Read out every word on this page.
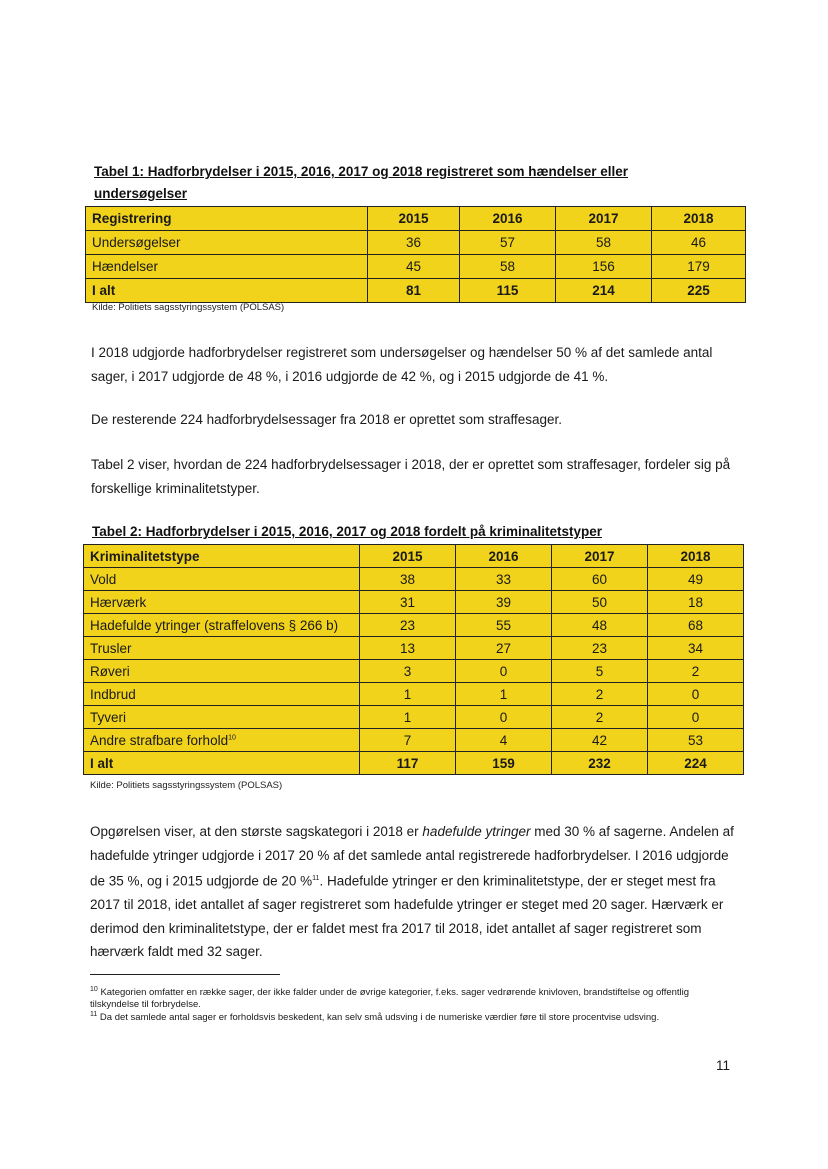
Tabel 1: Hadforbrydelser i 2015, 2016, 2017 og 2018 registreret som hændelser eller undersøgelser
Registrering	2015	2016	2017	2018
Undersøgelser	36	57	58	46
Hændelser	45	58	156	179
I alt	81	115	214	225
Kilde: Politiets sagsstyringssystem (POLSAS)
I 2018 udgjorde hadforbrydelser registreret som undersøgelser og hændelser 50 % af det samlede antal sager, i 2017 udgjorde de 48 %, i 2016 udgjorde de 42 %, og i 2015 udgjorde de 41 %.
De resterende 224 hadforbrydelsessager fra 2018 er oprettet som straffesager.
Tabel 2 viser, hvordan de 224 hadforbrydelsessager i 2018, der er oprettet som straffesager, fordeler sig på forskellige kriminalitetstyper.
Tabel 2: Hadforbrydelser i 2015, 2016, 2017 og 2018 fordelt på kriminalitetstyper
Kriminalitetstype	2015	2016	2017	2018
Vold	38	33	60	49
Hærværk	31	39	50	18
Hadefulde ytringer (straffelovens § 266 b)	23	55	48	68
Trusler	13	27	23	34
Røveri	3	0	5	2
Indbrud	1	1	2	0
Tyveri	1	0	2	0
Andre strafbare forhold$^{10}$	7	4	42	53
I alt	117	159	232	224
Kilde: Politiets sagsstyringssystem (POLSAS)
Opgørelsen viser, at den største sagskategori i 2018 er hadefulde ytringer med 30 % af sagerne. Andelen af hadefulde ytringer udgjorde i 2017 20 % af det samlede antal registrerede hadforbrydelser. I 2016 udgjorde de 35 %, og i 2015 udgjorde de 20 %$^{11}$. Hadefulde ytringer er den kriminalitetstype, der er steget mest fra 2017 til 2018, idet antallet af sager registreret som hadefulde ytringer er steget med 20 sager. Hærværk er derimod den kriminalitetstype, der er faldet mest fra 2017 til 2018, idet antallet af sager registreret som hærværk faldt med 32 sager.
$^{10}$ Kategorien omfatter en række sager, der ikke falder under de øvrige kategorier, f.eks. sager vedrørende knivloven, brandstiftelse og offentlig tilskyndelse til forbrydelse.
$^{11}$ Da det samlede antal sager er forholdsvis beskedent, kan selv små udsving i de numeriske værdier føre til store procentvise udsving.
11
